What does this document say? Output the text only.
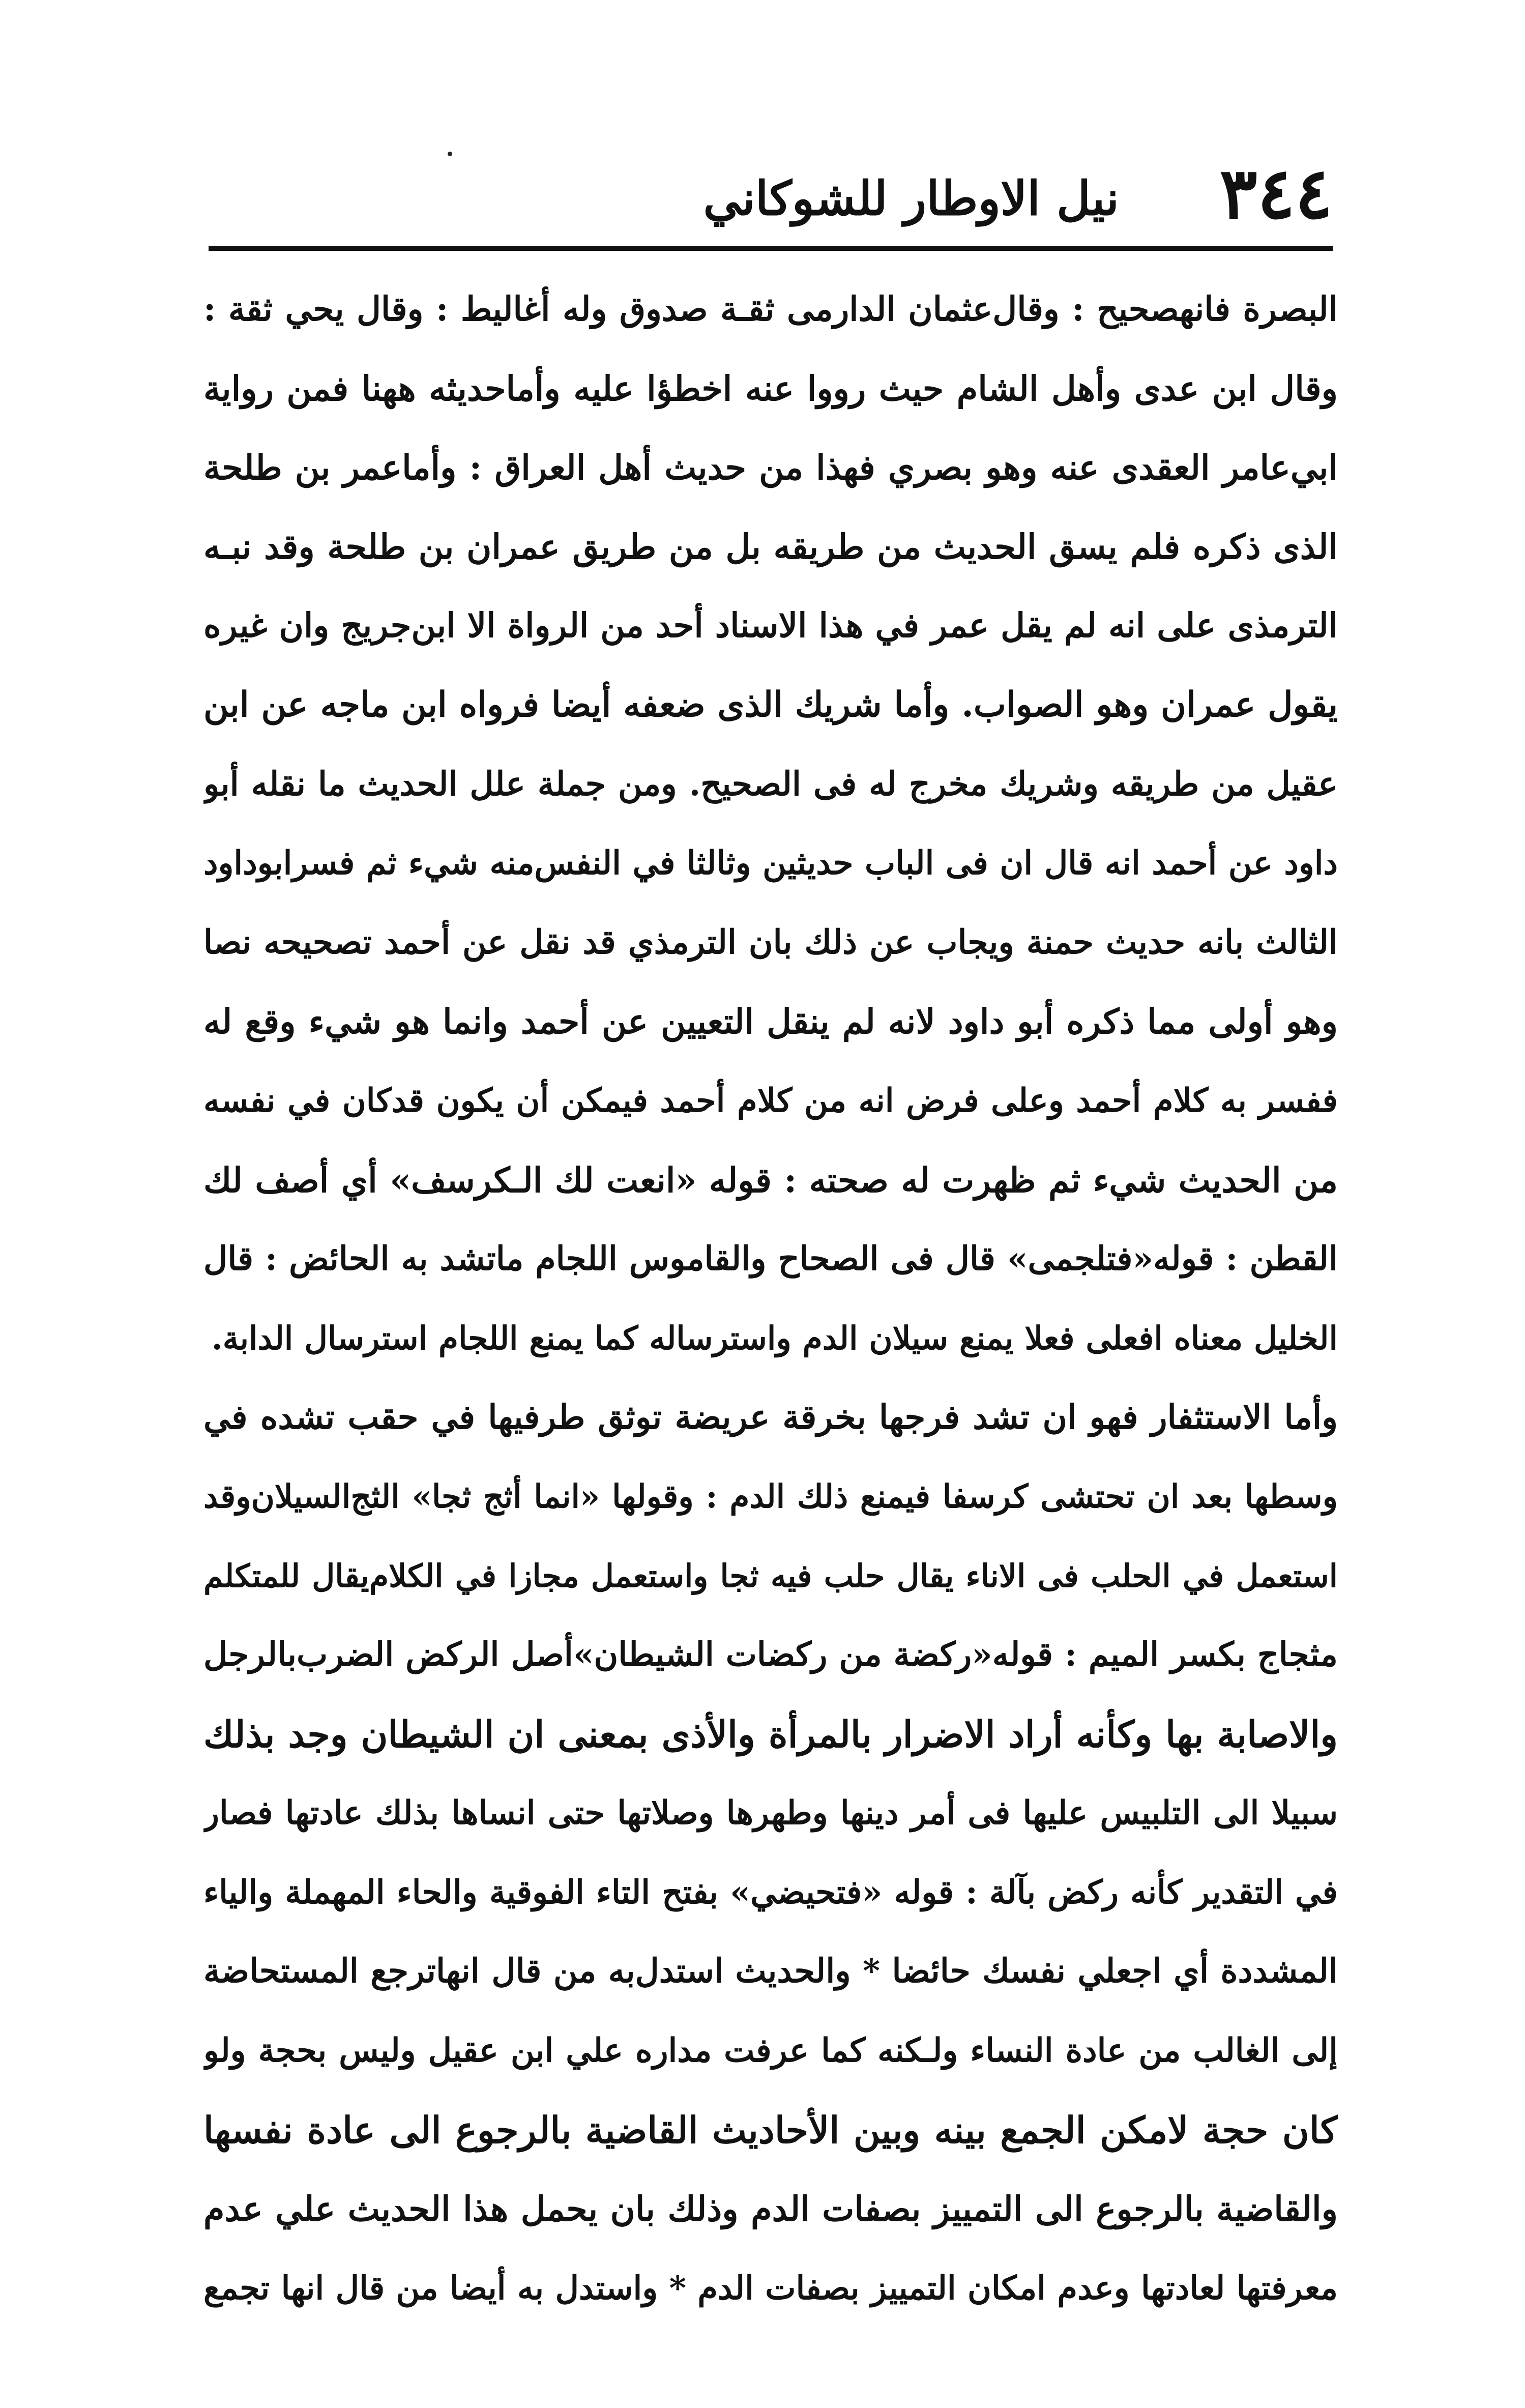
٣٤٤
نيل الاوطار للشوكاني
البصرة فانهصحيح : وقال‌عثمان الدارمى ثقـة صدوق وله أغاليط : وقال يحي ثقة :
وقال ابن عدى وأهل الشام حيث رووا عنه اخطؤا عليه وأماحديثه ههنا فمن رواية
ابي‌عامر العقدى عنه وهو بصري فهذا من حديث أهل العراق : وأماعمر بن طلحة
الذى ذكره فلم يسق الحديث من طريقه بل من طريق عمران بن طلحة وقد نبـه
الترمذى على انه لم يقل عمر في هذا الاسناد أحد من الرواة الا ابن‌جريج وان غيره
يقول عمران وهو الصواب. وأما شريك الذى ضعفه أيضا فرواه ابن ماجه عن ابن
عقيل من طريقه وشريك مخرج له فى الصحيح. ومن جملة علل الحديث ما نقله أبو
داود عن أحمد انه قال ان فى الباب حديثين وثالثا في النفس‌منه شيء ثم فسرابوداود
الثالث بانه حديث حمنة ويجاب عن ذلك بان الترمذي قد نقل عن أحمد تصحيحه نصا
وهو أولى مما ذكره أبو داود لانه لم ينقل التعيين عن أحمد وانما هو شيء وقع له
ففسر به كلام أحمد وعلى فرض انه من كلام أحمد فيمكن أن يكون قدكان في نفسه
من الحديث شيء ثم ظهرت له صحته : قوله «انعت لك الـكرسف» أي أصف لك
القطن : قوله«فتلجمى» قال فى الصحاح والقاموس اللجام ماتشد به الحائض : قال
الخليل معناه افعلى فعلا يمنع سيلان الدم واسترساله كما يمنع اللجام استرسال الدابة.
وأما الاستثفار فهو ان تشد فرجها بخرقة عريضة توثق طرفيها في حقب تشده في
وسطها بعد ان تحتشى كرسفا فيمنع ذلك الدم : وقولها «انما أثج ثجا» الثج‌السيلان‌وقد
استعمل في الحلب فى الاناء يقال حلب فيه ثجا واستعمل مجازا في الكلام‌يقال للمتكلم
مثجاج بكسر الميم : قوله«ركضة من ركضات الشيطان»أصل الركض الضرب‌بالرجل
والاصابة بها وكأنه أراد الاضرار بالمرأة والأذى بمعنى ان الشيطان وجد بذلك
سبيلا الى التلبيس عليها فى أمر دينها وطهرها وصلاتها حتى انساها بذلك عادتها فصار
في التقدير كأنه ركض بآلة : قوله «فتحيضي» بفتح التاء الفوقية والحاء المهملة والياء
المشددة أي اجعلي نفسك حائضا * والحديث استدل‌به من قال انهاترجع المستحاضة
إلى الغالب من عادة النساء ولـكنه كما عرفت مداره علي ابن عقيل وليس بحجة ولو
كان حجة لامكن الجمع بينه وبين الأحاديث القاضية بالرجوع الى عادة نفسها
والقاضية بالرجوع الى التمييز بصفات الدم وذلك بان يحمل هذا الحديث علي عدم
معرفتها لعادتها وعدم امكان التمييز بصفات الدم * واستدل به أيضا من قال انها تجمع
